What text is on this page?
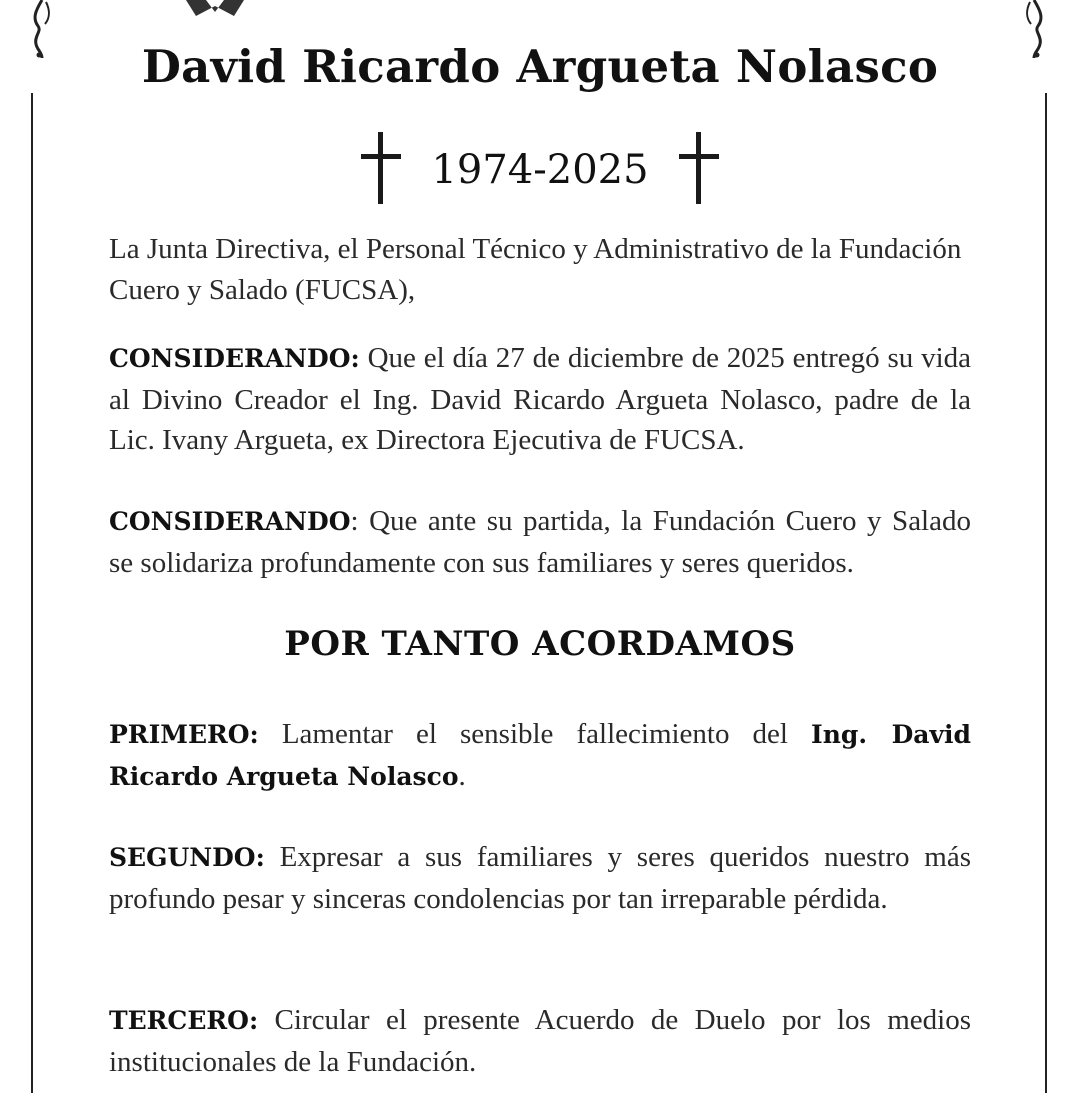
David Ricardo Argueta Nolasco
1974-2025

La Junta Directiva, el Personal Técnico y Administrativo de la Fundación Cuero y Salado (FUCSA),

CONSIDERANDO: Que el día 27 de diciembre de 2025 entregó su vida al Divino Creador el Ing. David Ricardo Argueta Nolasco, padre de la Lic. Ivany Argueta, ex Directora Ejecutiva de FUCSA.

CONSIDERANDO: Que ante su partida, la Fundación Cuero y Salado se solidariza profundamente con sus familiares y seres queridos.

POR TANTO ACORDAMOS

PRIMERO: Lamentar el sensible fallecimiento del Ing. David Ricardo Argueta Nolasco.

SEGUNDO: Expresar a sus familiares y seres queridos nuestro más profundo pesar y sinceras condolencias por tan irreparable pérdida.

TERCERO: Circular el presente Acuerdo de Duelo por los medios institucionales de la Fundación.
